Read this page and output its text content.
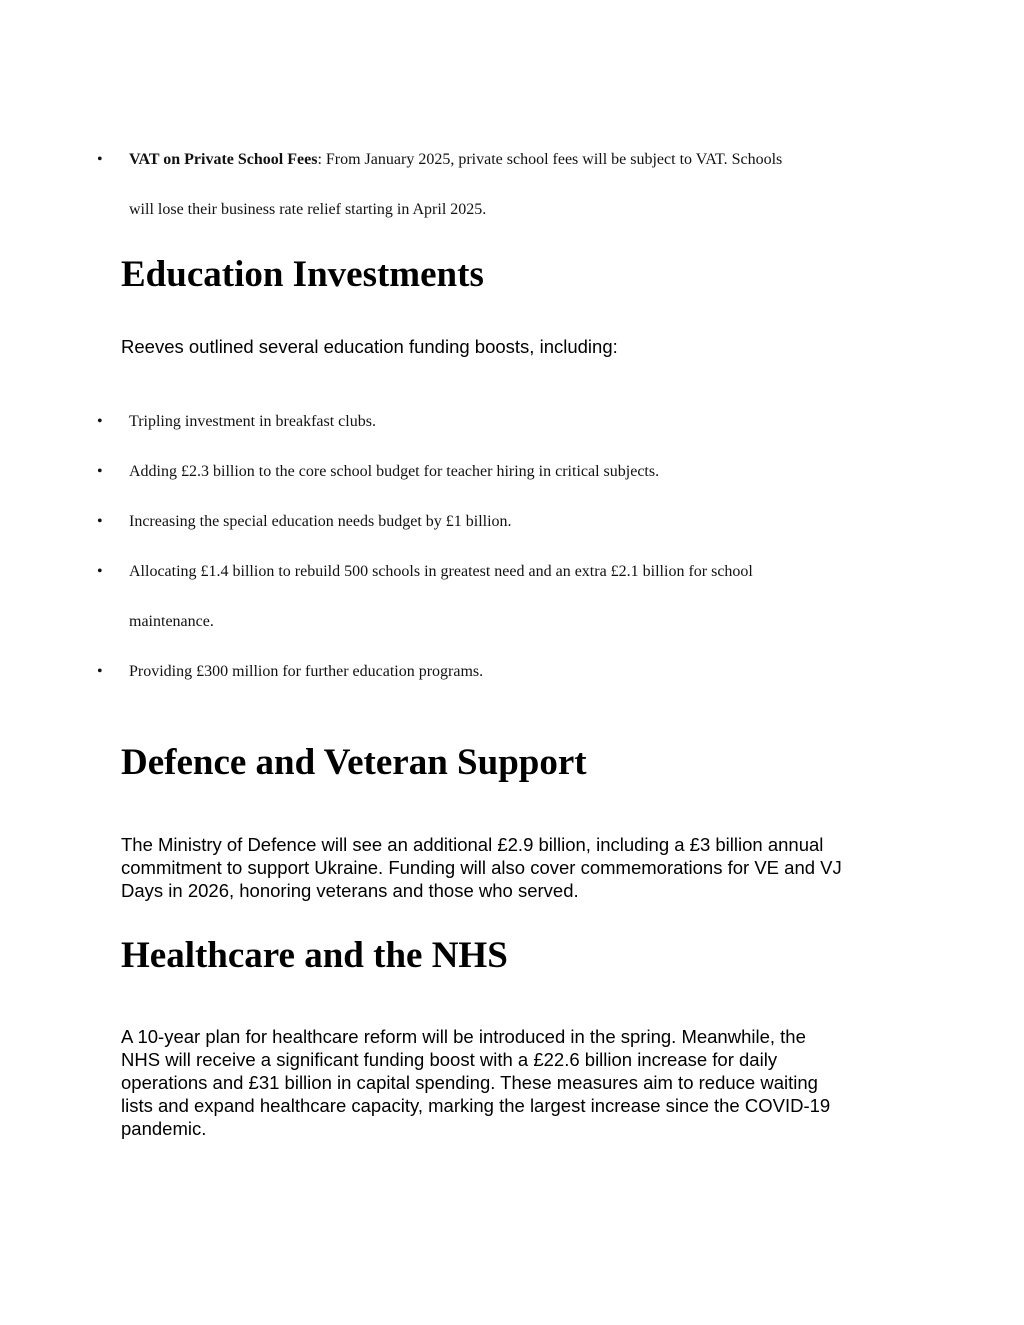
•	VAT on Private School Fees: From January 2025, private school fees will be subject to VAT. Schools
will lose their business rate relief starting in April 2025.
Education Investments

Reeves outlined several education funding boosts, including:

•	Tripling investment in breakfast clubs.
•	Adding £2.3 billion to the core school budget for teacher hiring in critical subjects.
•	Increasing the special education needs budget by £1 billion.
•	Allocating £1.4 billion to rebuild 500 schools in greatest need and an extra £2.1 billion for school
maintenance.
•	Providing £300 million for further education programs.
Defence and Veteran Support
The Ministry of Defence will see an additional £2.9 billion, including a £3 billion annual
commitment to support Ukraine. Funding will also cover commemorations for VE and VJ
Days in 2026, honoring veterans and those who served.
Healthcare and the NHS
A 10-year plan for healthcare reform will be introduced in the spring. Meanwhile, the
NHS will receive a significant funding boost with a £22.6 billion increase for daily
operations and £31 billion in capital spending. These measures aim to reduce waiting
lists and expand healthcare capacity, marking the largest increase since the COVID-19
pandemic.
